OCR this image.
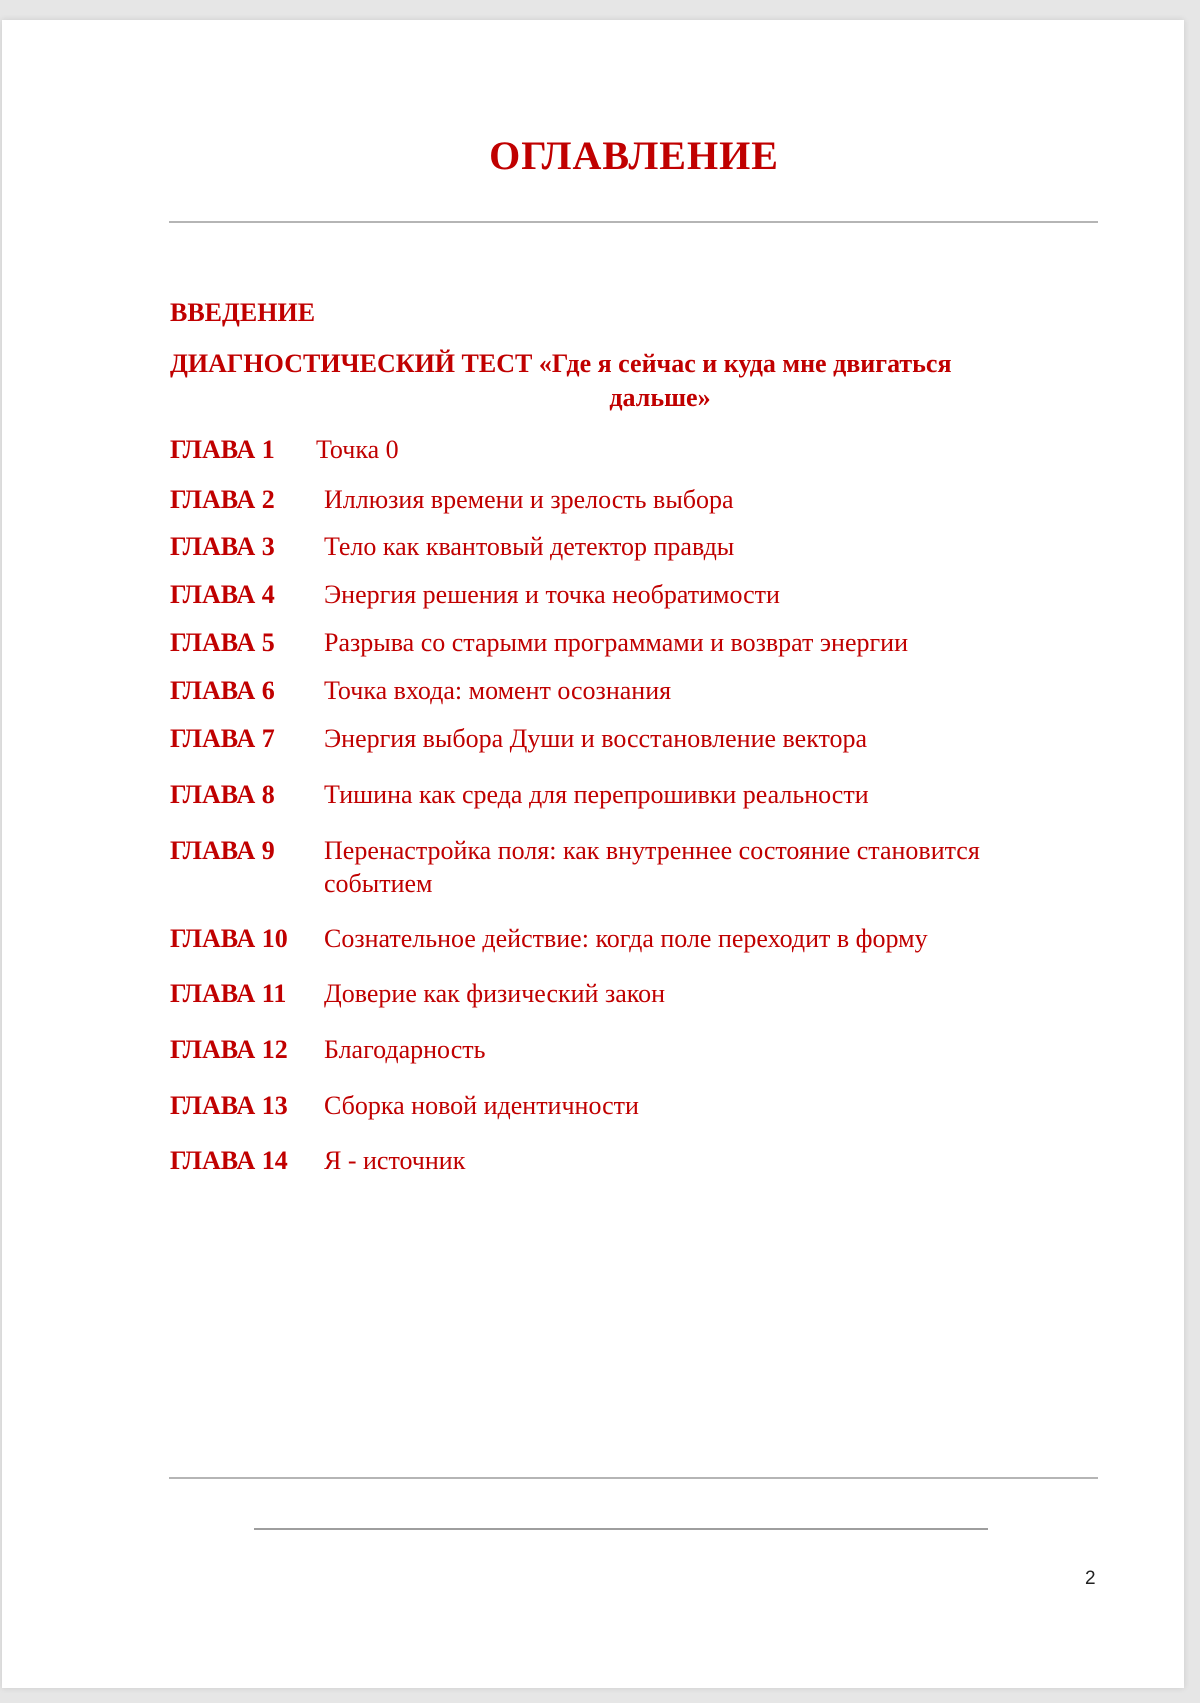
ОГЛАВЛЕНИЕ
ВВЕДЕНИЕ
ДИАГНОСТИЧЕСКИЙ ТЕСТ «Где я сейчас и куда мне двигаться
дальше»
ГЛАВА 1 Точка 0
ГЛАВА 2 Иллюзия времени и зрелость выбора
ГЛАВА 3 Тело как квантовый детектор правды
ГЛАВА 4 Энергия решения и точка необратимости
ГЛАВА 5 Разрыва со старыми программами и возврат энергии
ГЛАВА 6 Точка входа: момент осознания
ГЛАВА 7 Энергия выбора Души и восстановление вектора
ГЛАВА 8 Тишина как среда для перепрошивки реальности
ГЛАВА 9 Перенастройка поля: как внутреннее состояние становится событием
ГЛАВА 10 Сознательное действие: когда поле переходит в форму
ГЛАВА 11 Доверие как физический закон
ГЛАВА 12 Благодарность
ГЛАВА 13 Сборка новой идентичности
ГЛАВА 14 Я - источник
2
